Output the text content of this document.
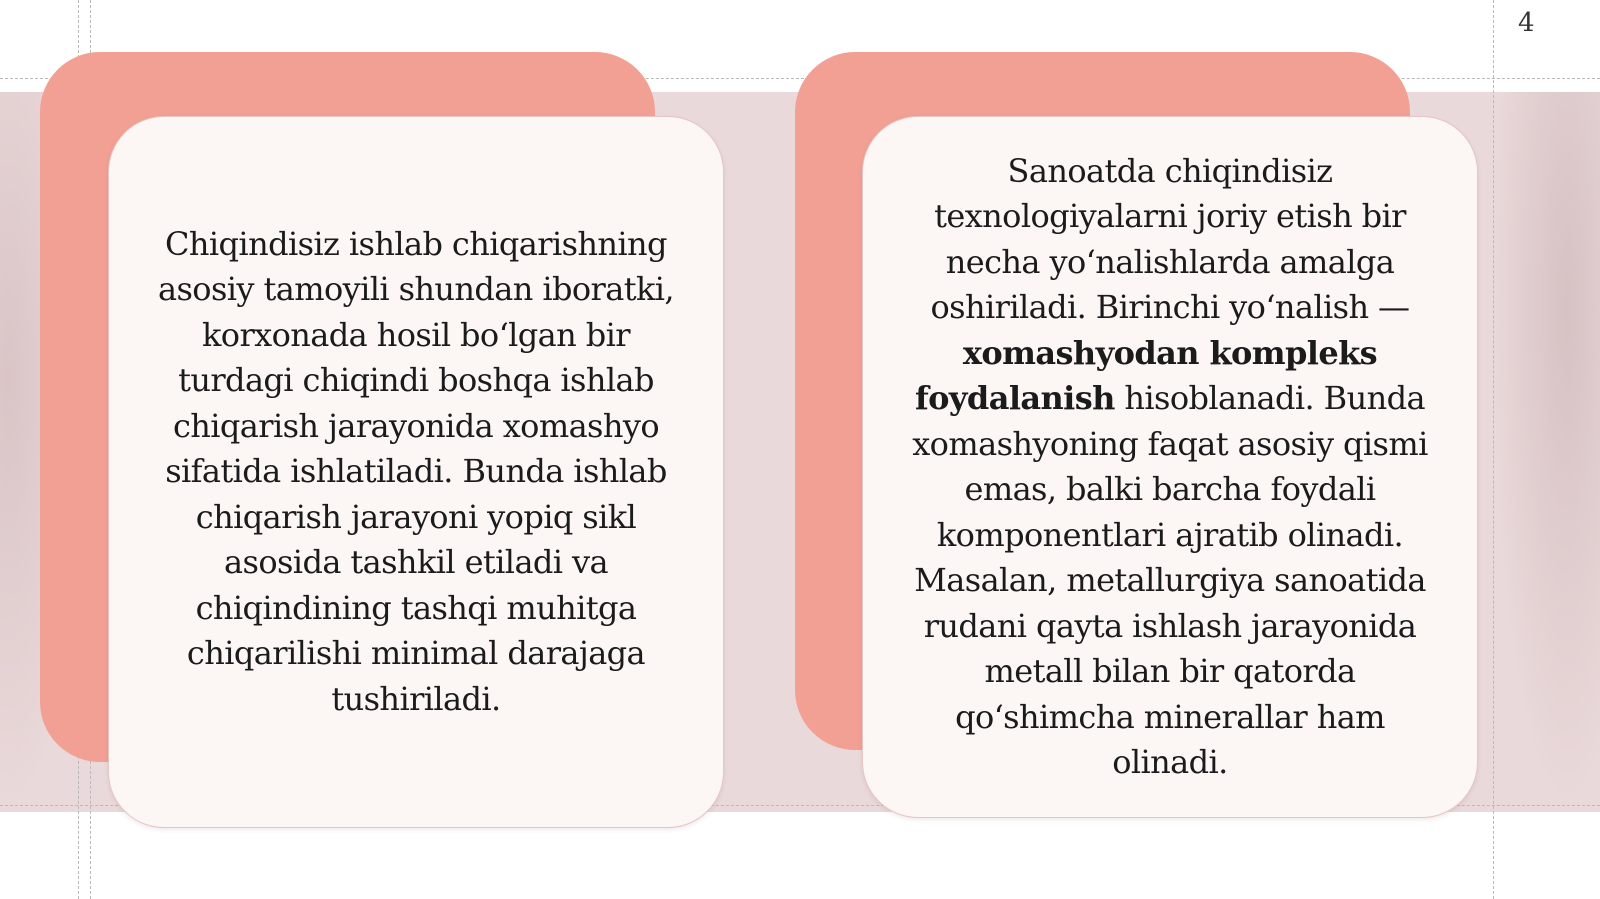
4
Chiqindisiz ishlab chiqarishning
asosiy tamoyili shundan iboratki,
korxonada hosil boʻlgan bir
turdagi chiqindi boshqa ishlab
chiqarish jarayonida xomashyo
sifatida ishlatiladi. Bunda ishlab
chiqarish jarayoni yopiq sikl
asosida tashkil etiladi va
chiqindining tashqi muhitga
chiqarilishi minimal darajaga
tushiriladi.
Sanoatda chiqindisiz
texnologiyalarni joriy etish bir
necha yoʻnalishlarda amalga
oshiriladi. Birinchi yoʻnalish —
xomashyodan kompleks
foydalanish hisoblanadi. Bunda
xomashyoning faqat asosiy qismi
emas, balki barcha foydali
komponentlari ajratib olinadi.
Masalan, metallurgiya sanoatida
rudani qayta ishlash jarayonida
metall bilan bir qatorda
qoʻshimcha minerallar ham
olinadi.
